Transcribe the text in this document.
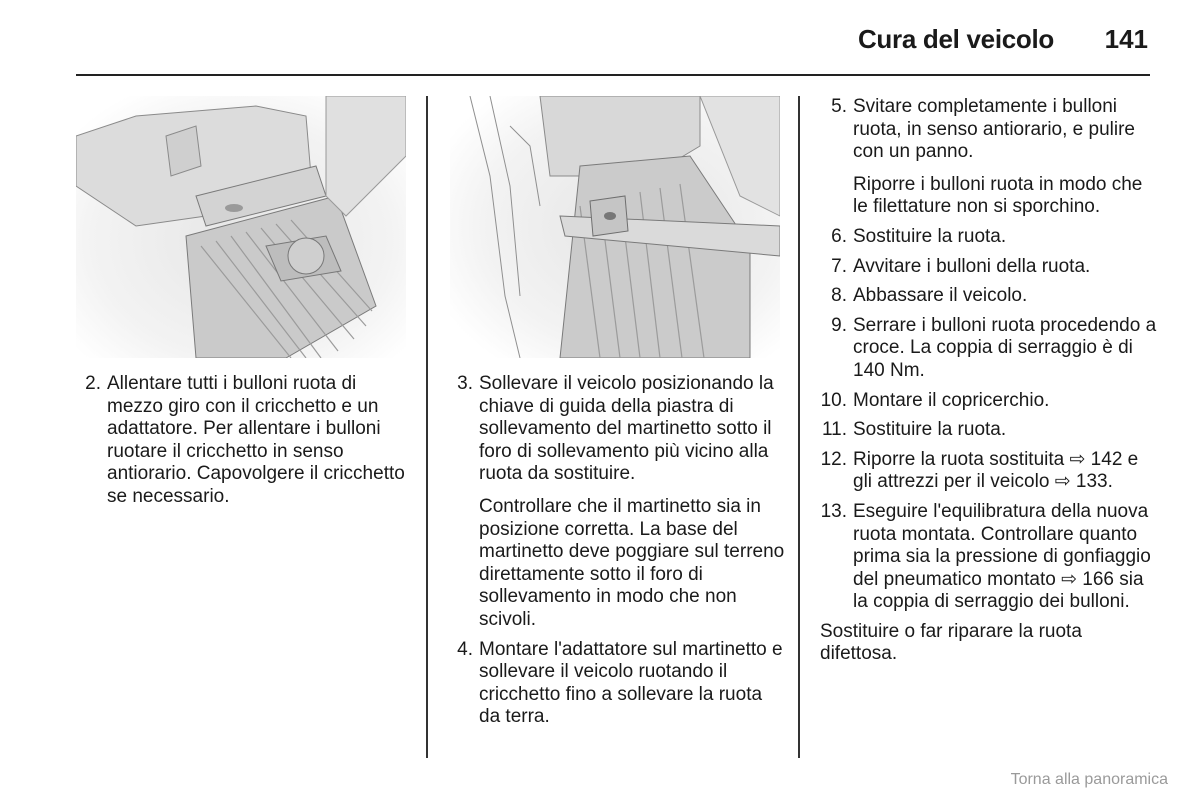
Cura del veicolo 141
2. Allentare tutti i bulloni ruota di mezzo giro con il cricchetto e un adattatore. Per allentare i bulloni ruotare il cricchetto in senso antiorario. Capovolgere il cricchetto se necessario.
3. Sollevare il veicolo posizionando la chiave di guida della piastra di sollevamento del martinetto sotto il foro di sollevamento più vicino alla ruota da sostituire.
Controllare che il martinetto sia in posizione corretta. La base del martinetto deve poggiare sul terreno direttamente sotto il foro di sollevamento in modo che non scivoli.
4. Montare l'adattatore sul martinetto e sollevare il veicolo ruotando il cricchetto fino a sollevare la ruota da terra.
5. Svitare completamente i bulloni ruota, in senso antiorario, e pulire con un panno.
Riporre i bulloni ruota in modo che le filettature non si sporchino.
6. Sostituire la ruota.
7. Avvitare i bulloni della ruota.
8. Abbassare il veicolo.
9. Serrare i bulloni ruota procedendo a croce. La coppia di serraggio è di 140 Nm.
10. Montare il copricerchio.
11. Sostituire la ruota.
12. Riporre la ruota sostituita ⇨ 142 e gli attrezzi per il veicolo ⇨ 133.
13. Eseguire l'equilibratura della nuova ruota montata. Controllare quanto prima sia la pressione di gonfiaggio del pneumatico montato ⇨ 166 sia la coppia di serraggio dei bulloni.
Sostituire o far riparare la ruota difettosa.
Torna alla panoramica
